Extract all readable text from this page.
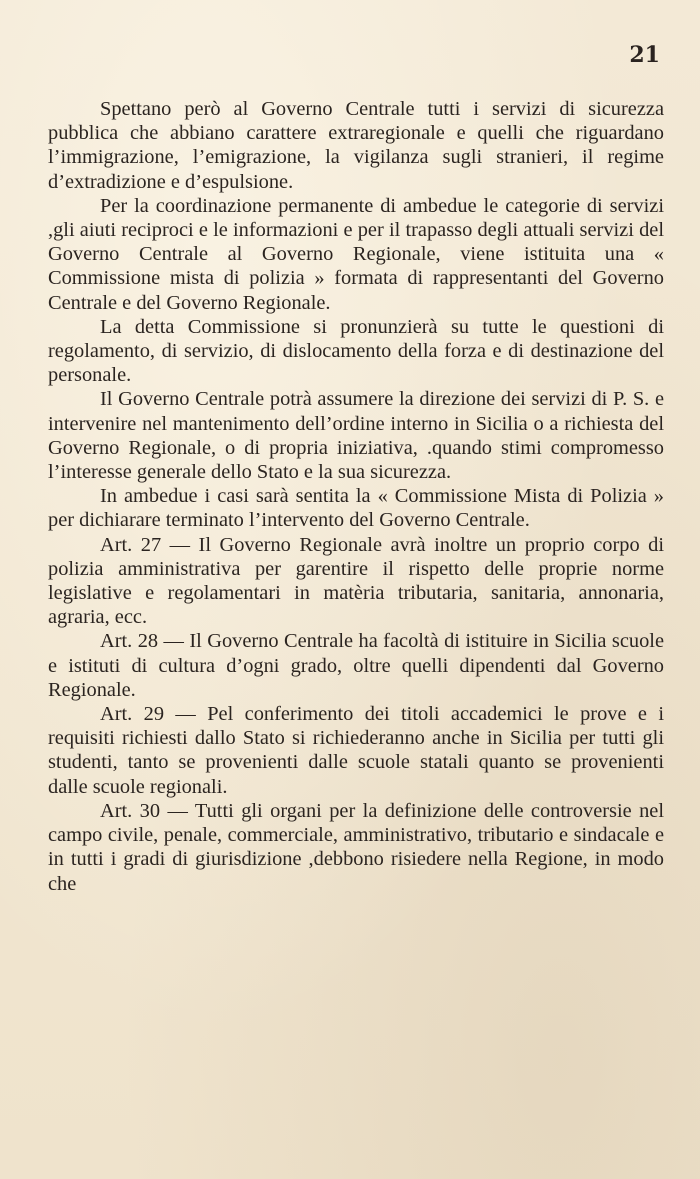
21

Spettano però al Governo Centrale tutti i servizi di sicurezza pubblica che abbiano carattere extraregionale e quelli che riguardano l’immigrazione, l’emigrazione, la vigilanza sugli stranieri, il regime d’extradizione e d’espulsione.

Per la coordinazione permanente di ambedue le categorie di servizi ,gli aiuti reciproci e le informazioni e per il trapasso degli attuali servizi del Governo Centrale al Governo Regionale, viene istituita una « Commissione mista di polizia » formata di rappresentanti del Governo Centrale e del Governo Regionale.

La detta Commissione si pronunzierà su tutte le questioni di regolamento, di servizio, di dislocamento della forza e di destinazione del personale.

Il Governo Centrale potrà assumere la direzione dei servizi di P. S. e intervenire nel mantenimento dell’ordine interno in Sicilia o a richiesta del Governo Regionale, o di propria iniziativa, .quando stimi compromesso l’interesse generale dello Stato e la sua sicurezza.

In ambedue i casi sarà sentita la « Commissione Mista di Polizia » per dichiarare terminato l’intervento del Governo Centrale.

Art. 27 — Il Governo Regionale avrà inoltre un proprio corpo di polizia amministrativa per garentire il rispetto delle proprie norme legislative e regolamentari in matèria tributaria, sanitaria, annonaria, agraria, ecc.

Art. 28 — Il Governo Centrale ha facoltà di istituire in Sicilia scuole e istituti di cultura d’ogni grado, oltre quelli dipendenti dal Governo Regionale.

Art. 29 — Pel conferimento dei titoli accademici le prove e i requisiti richiesti dallo Stato si richiederanno anche in Sicilia per tutti gli studenti, tanto se provenienti dalle scuole statali quanto se provenienti dalle scuole regionali.

Art. 30 — Tutti gli organi per la definizione delle controversie nel campo civile, penale, commerciale, amministrativo, tributario e sindacale e in tutti i gradi di giurisdizione ,debbono risiedere nella Regione, in modo che
